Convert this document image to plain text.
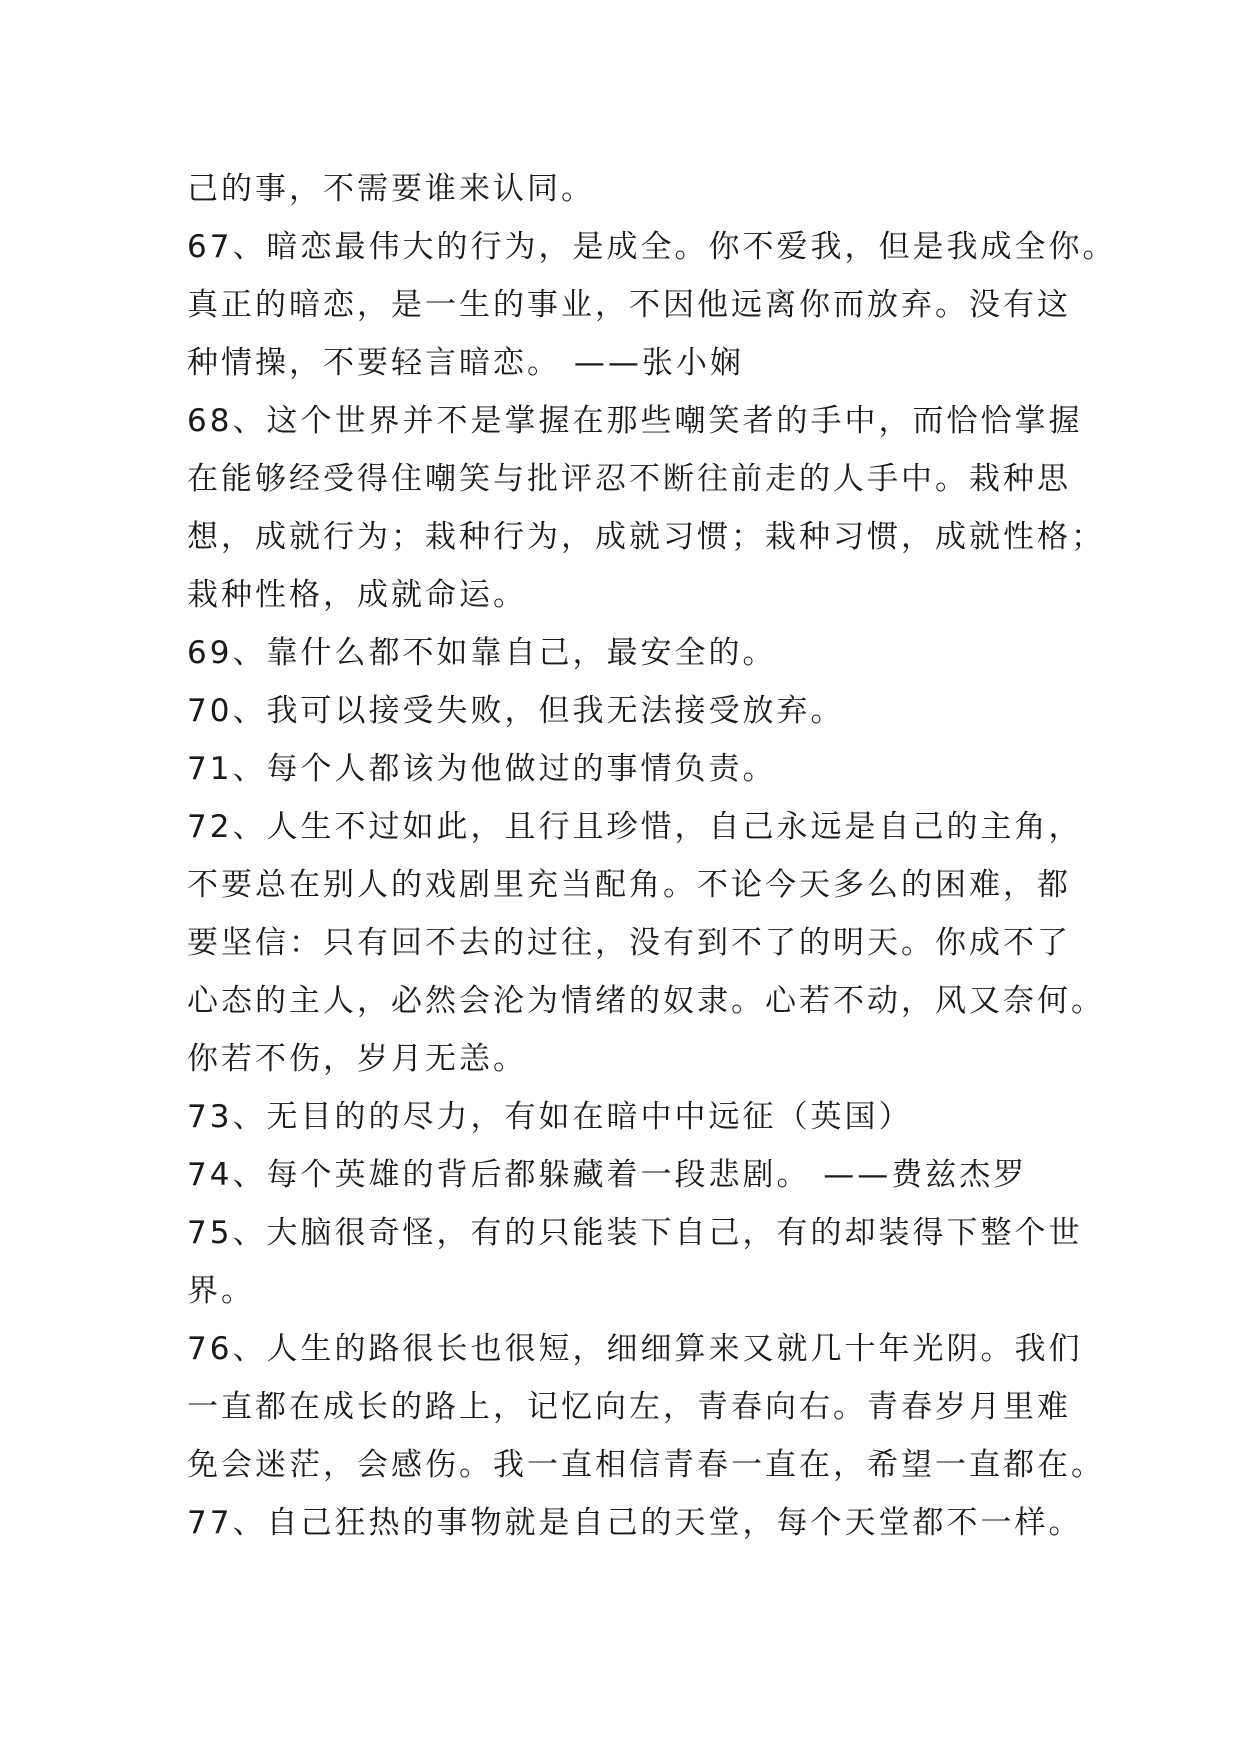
己的事，不需要谁来认同。
67、暗恋最伟大的行为，是成全。你不爱我，但是我成全你。
真正的暗恋，是一生的事业，不因他远离你而放弃。没有这
种情操，不要轻言暗恋。 ——张小娴
68、这个世界并不是掌握在那些嘲笑者的手中，而恰恰掌握
在能够经受得住嘲笑与批评忍不断往前走的人手中。栽种思
想，成就行为；栽种行为，成就习惯；栽种习惯，成就性格；
栽种性格，成就命运。
69、靠什么都不如靠自己，最安全的。
70、我可以接受失败，但我无法接受放弃。
71、每个人都该为他做过的事情负责。
72、人生不过如此，且行且珍惜，自己永远是自己的主角，
不要总在别人的戏剧里充当配角。不论今天多么的困难，都
要坚信：只有回不去的过往，没有到不了的明天。你成不了
心态的主人，必然会沦为情绪的奴隶。心若不动，风又奈何。
你若不伤，岁月无恙。
73、无目的的尽力，有如在暗中中远征（英国）
74、每个英雄的背后都躲藏着一段悲剧。 ——费兹杰罗
75、大脑很奇怪，有的只能装下自己，有的却装得下整个世
界。
76、人生的路很长也很短，细细算来又就几十年光阴。我们
一直都在成长的路上，记忆向左，青春向右。青春岁月里难
免会迷茫，会感伤。我一直相信青春一直在，希望一直都在。
77、自己狂热的事物就是自己的天堂，每个天堂都不一样。
